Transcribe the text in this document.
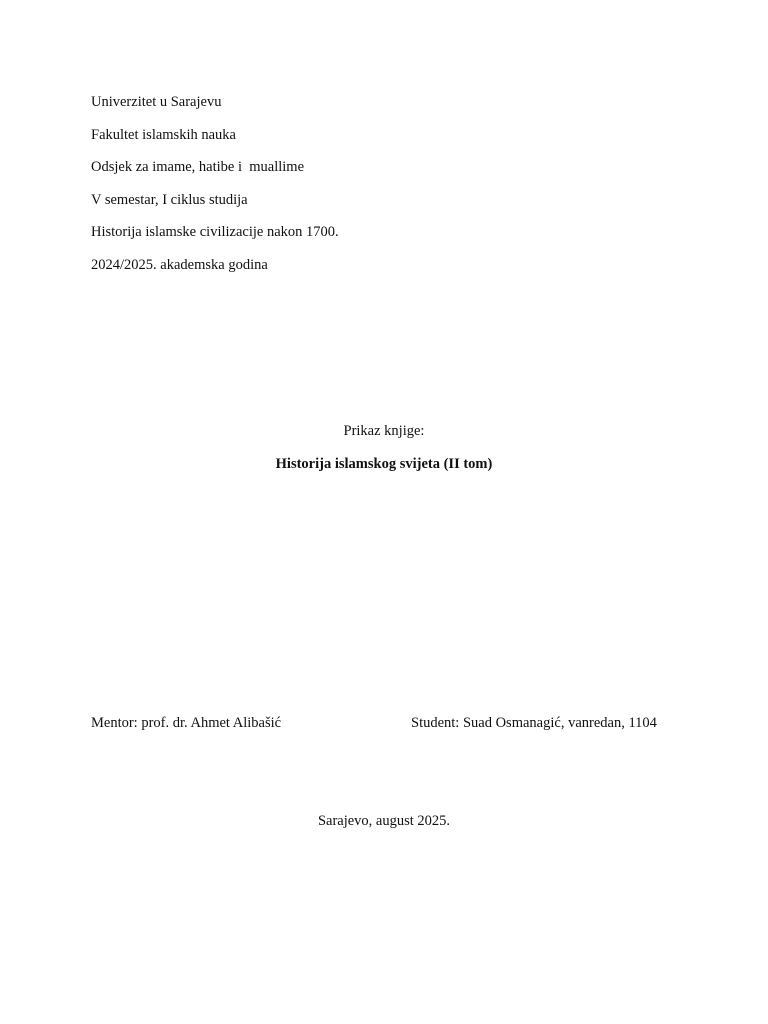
Univerzitet u Sarajevu
Fakultet islamskih nauka
Odsjek za imame, hatibe i  muallime
V semestar, I ciklus studija
Historija islamske civilizacije nakon 1700.
2024/2025. akademska godina
Prikaz knjige:
Historija islamskog svijeta (II tom)
Mentor: prof. dr. Ahmet Alibašić	Student: Suad Osmanagić, vanredan, 1104
Sarajevo, august 2025.
